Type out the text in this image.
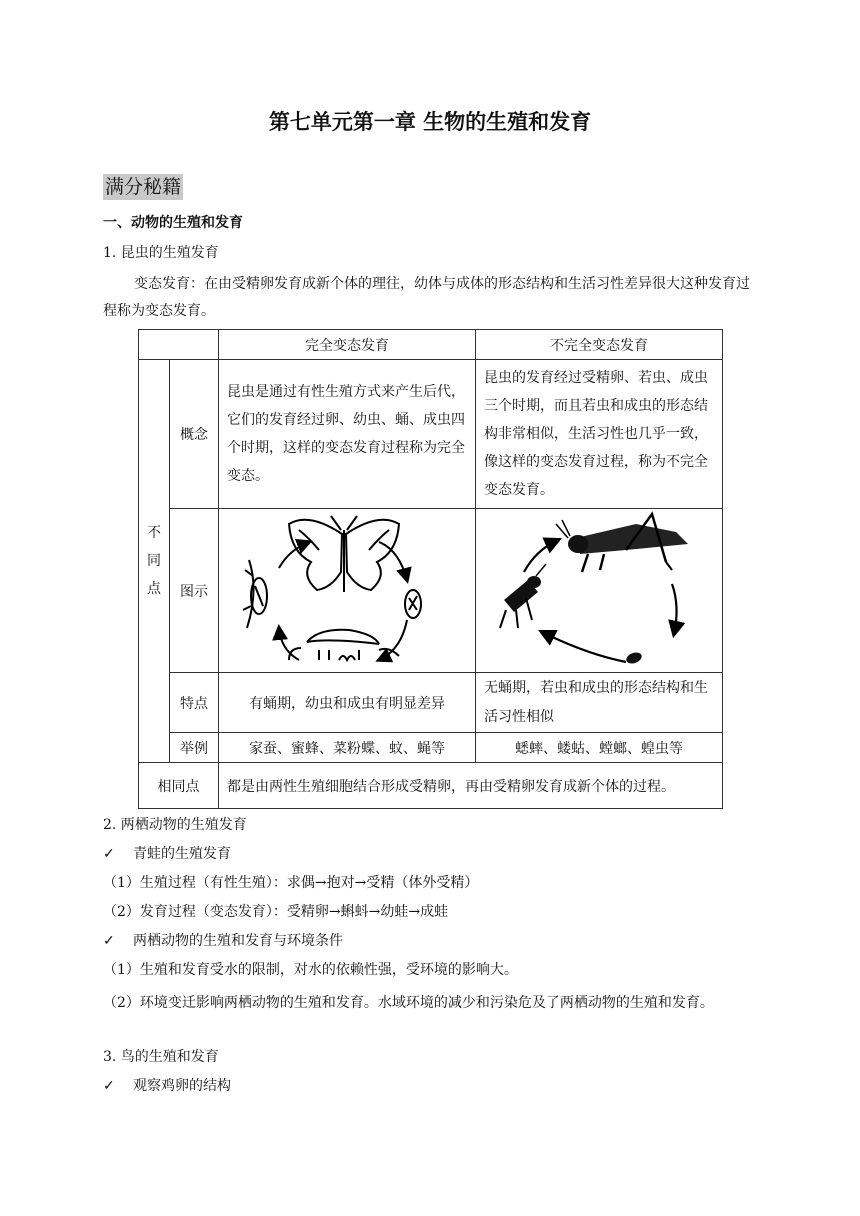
第七单元第一章 生物的生殖和发育
满分秘籍
一、动物的生殖和发育
1. 昆虫的生殖发育
变态发育：在由受精卵发育成新个体的理往，幼体与成体的形态结构和生活习性差异很大这种发育过程称为变态发育。
		完全变态发育	不完全变态发育

不同点	概念	昆虫是通过有性生殖方式来产生后代，它们的发育经过卵、幼虫、蛹、成虫四个时期，这样的变态发育过程称为完全变态。	昆虫的发育经过受精卵、若虫、成虫三个时期，而且若虫和成虫的形态结构非常相似，生活习性也几乎一致，像这样的变态发育过程，称为不完全变态发育。

	图示	

	特点	有蛹期，幼虫和成虫有明显差异	无蛹期，若虫和成虫的形态结构和生活习性相似

	举例	家蚕、蜜蜂、菜粉蝶、蚊、蝇等	蟋蟀、蝼蛄、螳螂、蝗虫等
相同点		都是由两性生殖细胞结合形成受精卵，再由受精卵发育成新个体的过程。	
2. 两栖动物的生殖发育
✓ 青蛙的生殖发育
（1）生殖过程（有性生殖）：求偶→抱对→受精（体外受精）
（2）发育过程（变态发育）：受精卵→蝌蚪→幼蛙→成蛙
✓ 两栖动物的生殖和发育与环境条件
（1）生殖和发育受水的限制，对水的依赖性强，受环境的影响大。
（2）环境变迁影响两栖动物的生殖和发育。水域环境的减少和污染危及了两栖动物的生殖和发育。
3. 鸟的生殖和发育
✓ 观察鸡卵的结构
